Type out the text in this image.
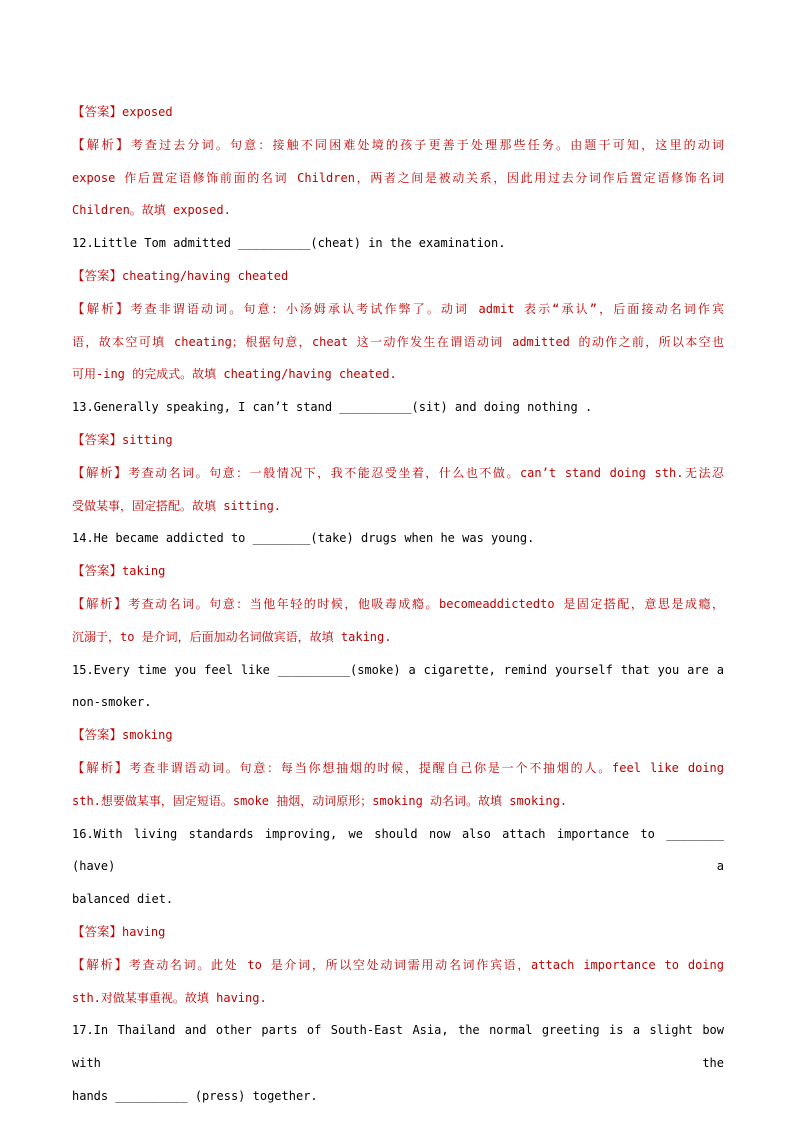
【答案】exposed
【解析】考查过去分词。句意：接触不同困难处境的孩子更善于处理那些任务。由题干可知，这里的动词
expose 作后置定语修饰前面的名词 Children，两者之间是被动关系，因此用过去分词作后置定语修饰名词
Children。故填 exposed.
12.Little Tom admitted __________(cheat) in the examination.
【答案】cheating/having cheated
【解析】考查非谓语动词。句意：小汤姆承认考试作弊了。动词 admit 表示“承认”，后面接动名词作宾
语，故本空可填 cheating；根据句意，cheat 这一动作发生在谓语动词 admitted 的动作之前，所以本空也
可用-ing 的完成式。故填 cheating/having cheated.
13.Generally speaking, I can’t stand __________(sit) and doing nothing .
【答案】sitting
【解析】考查动名词。句意：一般情况下，我不能忍受坐着，什么也不做。can’t stand doing sth.无法忍
受做某事，固定搭配。故填 sitting.
14.He became addicted to ________(take) drugs when he was young.
【答案】taking
【解析】考查动名词。句意：当他年轻的时候，他吸毒成瘾。becomeaddictedto 是固定搭配，意思是成瘾，
沉溺于，to 是介词，后面加动名词做宾语，故填 taking.
15.Every time you feel like __________(smoke) a cigarette, remind yourself that you are a
non-smoker.
【答案】smoking
【解析】考查非谓语动词。句意：每当你想抽烟的时候，提醒自己你是一个不抽烟的人。feel like doing
sth.想要做某事，固定短语。smoke 抽烟，动词原形；smoking 动名词。故填 smoking.
16.With living standards improving, we should now also attach importance to ________ (have) a
balanced diet.
【答案】having
【解析】考查动名词。此处 to 是介词，所以空处动词需用动名词作宾语，attach importance to doing
sth.对做某事重视。故填 having.
17.In Thailand and other parts of South-East Asia, the normal greeting is a slight bow with the
hands __________ (press) together.
